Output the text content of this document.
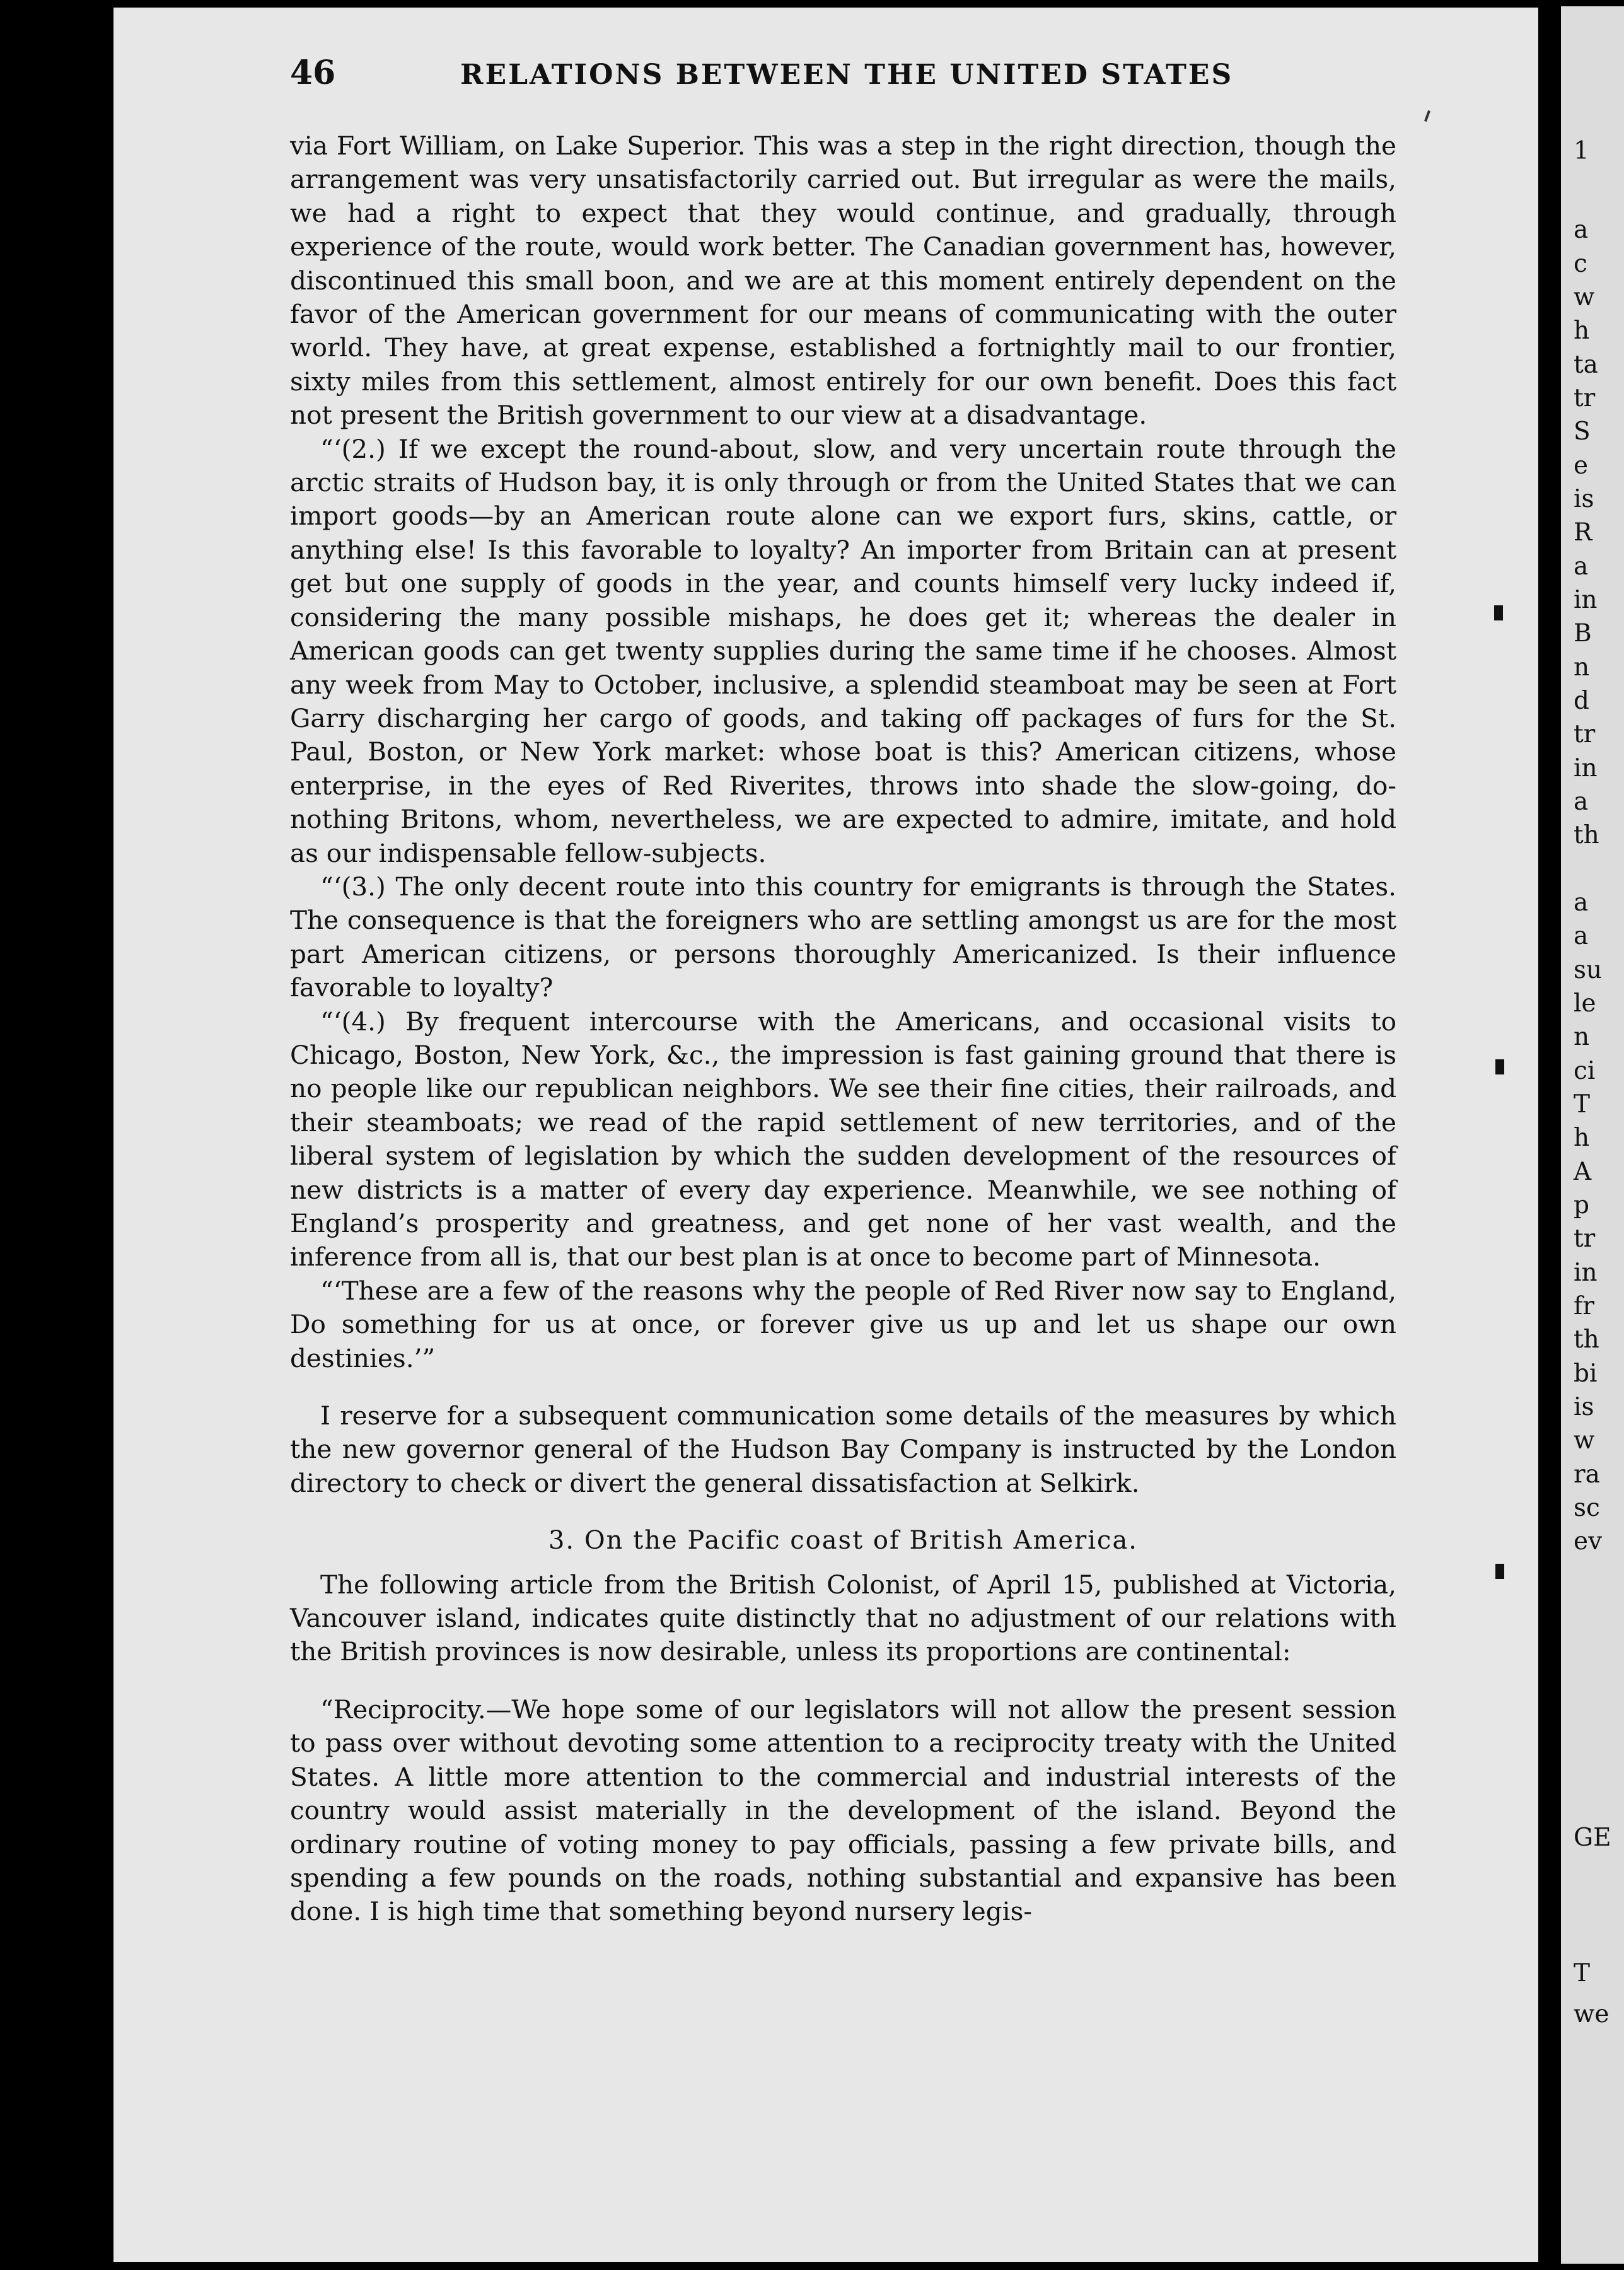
1
a
c
w
h
ta
tr
S
e
is
R
a
in
B
n
d
tr
in
a
th
a
a
su
le
n
ci
T
h
A
p
tr
in
fr
th
bi
is
w
ra
sc
ev
GE
T
we
46	RELATIONS BETWEEN THE UNITED STATES

via Fort William, on Lake Superior. This was a step in the right direction, though the arrangement was very unsatisfactorily carried out. But irregular as were the mails, we had a right to expect that they would continue, and gradually, through experience of the route, would work better. The Canadian government has, however, discontinued this small boon, and we are at this moment entirely dependent on the favor of the American government for our means of communicating with the outer world. They have, at great expense, established a fortnightly mail to our frontier, sixty miles from this settlement, almost entirely for our own benefit. Does this fact not present the British government to our view at a disadvantage.

“‘(2.) If we except the round-about, slow, and very uncertain route through the arctic straits of Hudson bay, it is only through or from the United States that we can import goods—by an American route alone can we export furs, skins, cattle, or anything else! Is this favorable to loyalty? An importer from Britain can at present get but one supply of goods in the year, and counts himself very lucky indeed if, considering the many possible mishaps, he does get it; whereas the dealer in American goods can get twenty supplies during the same time if he chooses. Almost any week from May to October, inclusive, a splendid steamboat may be seen at Fort Garry discharging her cargo of goods, and taking off packages of furs for the St. Paul, Boston, or New York market: whose boat is this? American citizens, whose enterprise, in the eyes of Red Riverites, throws into shade the slow-going, do-nothing Britons, whom, nevertheless, we are expected to admire, imitate, and hold as our indispensable fellow-subjects.

“‘(3.) The only decent route into this country for emigrants is through the States. The consequence is that the foreigners who are settling amongst us are for the most part American citizens, or persons thoroughly Americanized. Is their influence favorable to loyalty?

“‘(4.) By frequent intercourse with the Americans, and occasional visits to Chicago, Boston, New York, &c., the impression is fast gaining ground that there is no people like our republican neighbors. We see their fine cities, their railroads, and their steamboats; we read of the rapid settlement of new territories, and of the liberal system of legislation by which the sudden development of the resources of new districts is a matter of every day experience. Meanwhile, we see nothing of England’s prosperity and greatness, and get none of her vast wealth, and the inference from all is, that our best plan is at once to become part of Minnesota.

“‘These are a few of the reasons why the people of Red River now say to England, Do something for us at once, or forever give us up and let us shape our own destinies.’”

I reserve for a subsequent communication some details of the measures by which the new governor general of the Hudson Bay Company is instructed by the London directory to check or divert the general dissatisfaction at Selkirk.

3. On the Pacific coast of British America.

The following article from the British Colonist, of April 15, published at Victoria, Vancouver island, indicates quite distinctly that no adjustment of our relations with the British provinces is now desirable, unless its proportions are continental:

“Reciprocity.—We hope some of our legislators will not allow the present session to pass over without devoting some attention to a reciprocity treaty with the United States. A little more attention to the commercial and industrial interests of the country would assist materially in the development of the island. Beyond the ordinary routine of voting money to pay officials, passing a few private bills, and spending a few pounds on the roads, nothing substantial and expansive has been done. I is high time that something beyond nursery legis-
